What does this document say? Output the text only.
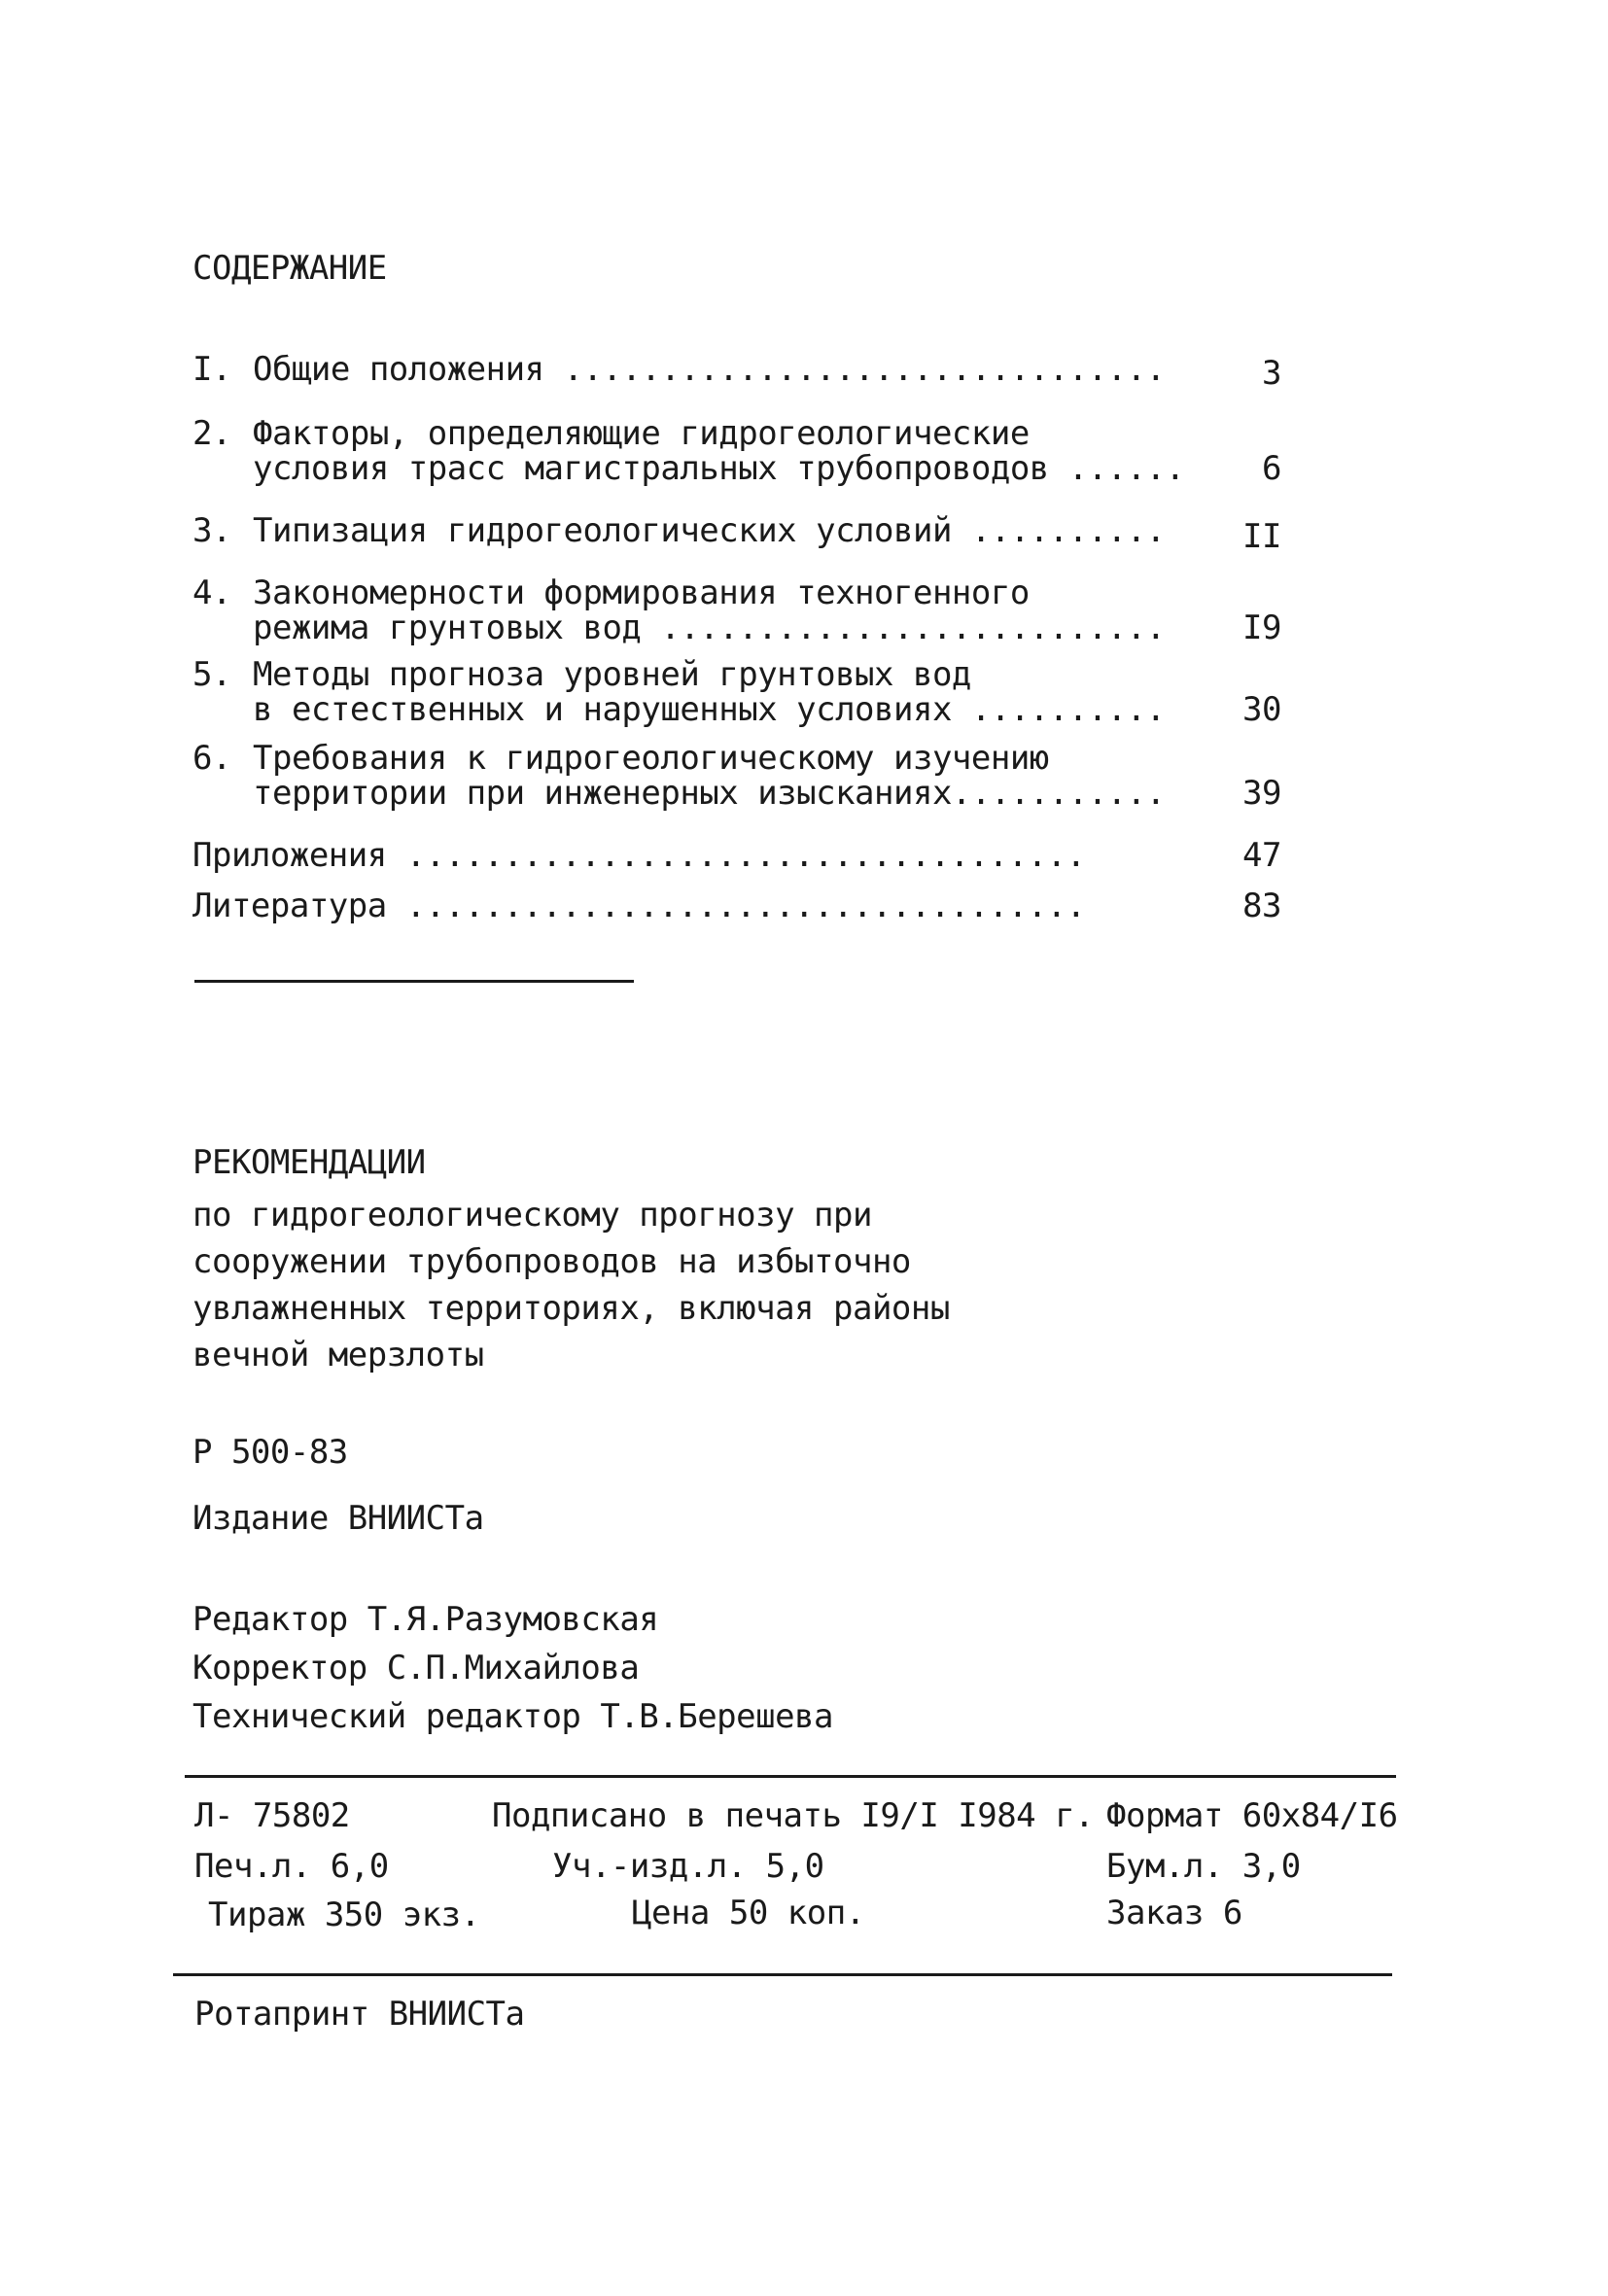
СОДЕРЖАНИЕ
I. Общие положения ...............................	3
2. Факторы, определяющие гидрогеологические
условия трасс магистральных трубопроводов ......	6
3. Типизация гидрогеологических условий ..........	II
4. Закономерности формирования техногенного
режима грунтовых вод ..........................	I9
5. Методы прогноза уровней грунтовых вод
в естественных и нарушенных условиях ..........	30
6. Требования к гидрогеологическому изучению
территории при инженерных изысканиях...........	39
Приложения ...................................	47
Литература ...................................	83
РЕКОМЕНДАЦИИ
по гидрогеологическому прогнозу при
сооружении трубопроводов на избыточно
увлажненных территориях, включая районы
вечной мерзлоты
Р 500-83
Издание ВНИИСТа
Редактор Т.Я.Разумовская
Корректор С.П.Михайлова
Технический редактор Т.В.Берешева
Л- 75802	Подписано в печать I9/I I984 г. Формат 60х84/I6
Печ.л. 6,0	Уч.-изд.л. 5,0	Бум.л. 3,0
Тираж 350 экз.	Цена 50 коп.	Заказ 6
Ротапринт ВНИИСТа
